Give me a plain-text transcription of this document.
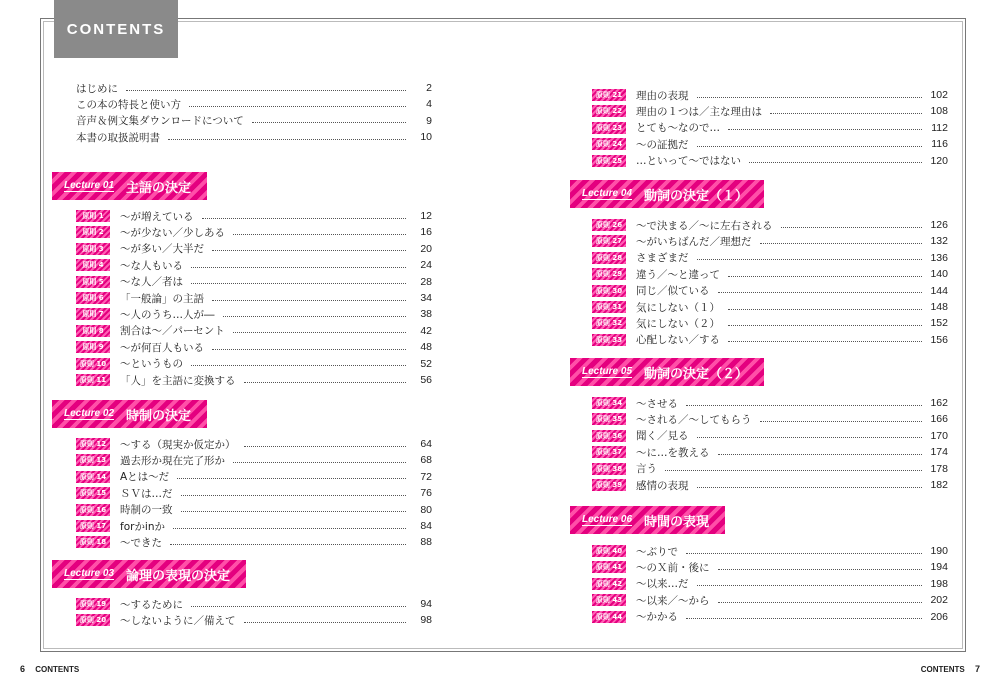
CONTENTS
はじめに	2
この本の特長と使い方	4
音声＆例文集ダウンロードについて	9
本書の取扱説明書	10
Lecture 01 主語の決定
原則 1	〜が増えている	12
原則 2	〜が少ない／少しある	16
原則 3	〜が多い／大半だ	20
原則 4	〜な人もいる	24
原則 5	〜な人／者は	28
原則 6	「一般論」の主語	34
原則 7	〜人のうち…人が―	38
原則 8	割合は〜／パーセント	42
原則 9	〜が何百人もいる	48
原則 10	〜というもの	52
原則 11	「人」を主語に変換する	56
Lecture 02 時制の決定
原則 12	〜する（現実か仮定か）	64
原則 13	過去形か現在完了形か	68
原則 14	Aとは〜だ	72
原則 15	ＳＶは…だ	76
原則 16	時制の一致	80
原則 17	forかinか	84
原則 18	〜できた	88
Lecture 03 論理の表現の決定
原則 19	〜するために	94
原則 20	〜しないように／備えて	98
原則 21	理由の表現	102
原則 22	理由の１つは／主な理由は	108
原則 23	とても〜なので…	112
原則 24	〜の証拠だ	116
原則 25	…といって〜ではない	120
Lecture 04 動詞の決定（１）
原則 26	〜で決まる／〜に左右される	126
原則 27	〜がいちばんだ／理想だ	132
原則 28	さまざまだ	136
原則 29	違う／〜と違って	140
原則 30	同じ／似ている	144
原則 31	気にしない（１）	148
原則 32	気にしない（２）	152
原則 33	心配しない／する	156
Lecture 05 動詞の決定（２）
原則 34	〜させる	162
原則 35	〜される／〜してもらう	166
原則 36	聞く／見る	170
原則 37	〜に…を教える	174
原則 38	言う	178
原則 39	感情の表現	182
Lecture 06 時間の表現
原則 40	〜ぶりで	190
原則 41	〜のＸ前・後に	194
原則 42	〜以来…だ	198
原則 43	〜以来／〜から	202
原則 44	〜かかる	206
6 CONTENTS	CONTENTS 7
